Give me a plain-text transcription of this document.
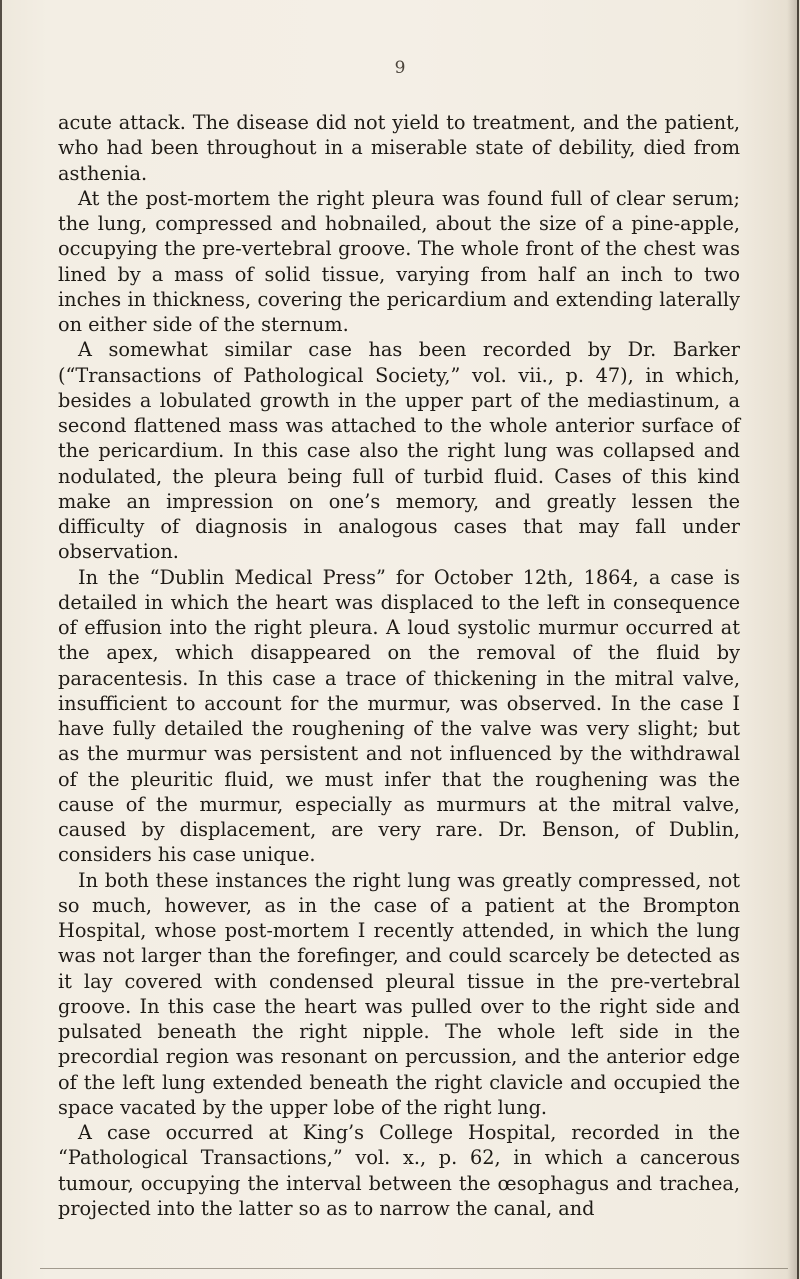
9

acute attack. The disease did not yield to treatment, and the patient, who had been throughout in a miserable state of debility, died from asthenia.

At the post-mortem the right pleura was found full of clear serum; the lung, compressed and hobnailed, about the size of a pine-apple, occupying the pre-vertebral groove. The whole front of the chest was lined by a mass of solid tissue, varying from half an inch to two inches in thickness, covering the pericardium and extending laterally on either side of the sternum.

A somewhat similar case has been recorded by Dr. Barker (“Transactions of Pathological Society,” vol. vii., p. 47), in which, besides a lobulated growth in the upper part of the mediastinum, a second flattened mass was attached to the whole anterior surface of the pericardium. In this case also the right lung was collapsed and nodulated, the pleura being full of turbid fluid. Cases of this kind make an impression on one’s memory, and greatly lessen the difficulty of diagnosis in analogous cases that may fall under observation.

In the “Dublin Medical Press” for October 12th, 1864, a case is detailed in which the heart was displaced to the left in consequence of effusion into the right pleura. A loud systolic murmur occurred at the apex, which disappeared on the removal of the fluid by paracentesis. In this case a trace of thickening in the mitral valve, insufficient to account for the murmur, was observed. In the case I have fully detailed the roughening of the valve was very slight; but as the murmur was persistent and not influenced by the withdrawal of the pleuritic fluid, we must infer that the roughening was the cause of the murmur, especially as murmurs at the mitral valve, caused by displacement, are very rare. Dr. Benson, of Dublin, considers his case unique.

In both these instances the right lung was greatly compressed, not so much, however, as in the case of a patient at the Brompton Hospital, whose post-mortem I recently attended, in which the lung was not larger than the forefinger, and could scarcely be detected as it lay covered with condensed pleural tissue in the pre-vertebral groove. In this case the heart was pulled over to the right side and pulsated beneath the right nipple. The whole left side in the precordial region was resonant on percussion, and the anterior edge of the left lung extended beneath the right clavicle and occupied the space vacated by the upper lobe of the right lung.

A case occurred at King’s College Hospital, recorded in the “Pathological Transactions,” vol. x., p. 62, in which a cancerous tumour, occupying the interval between the œsophagus and trachea, projected into the latter so as to narrow the canal, and
